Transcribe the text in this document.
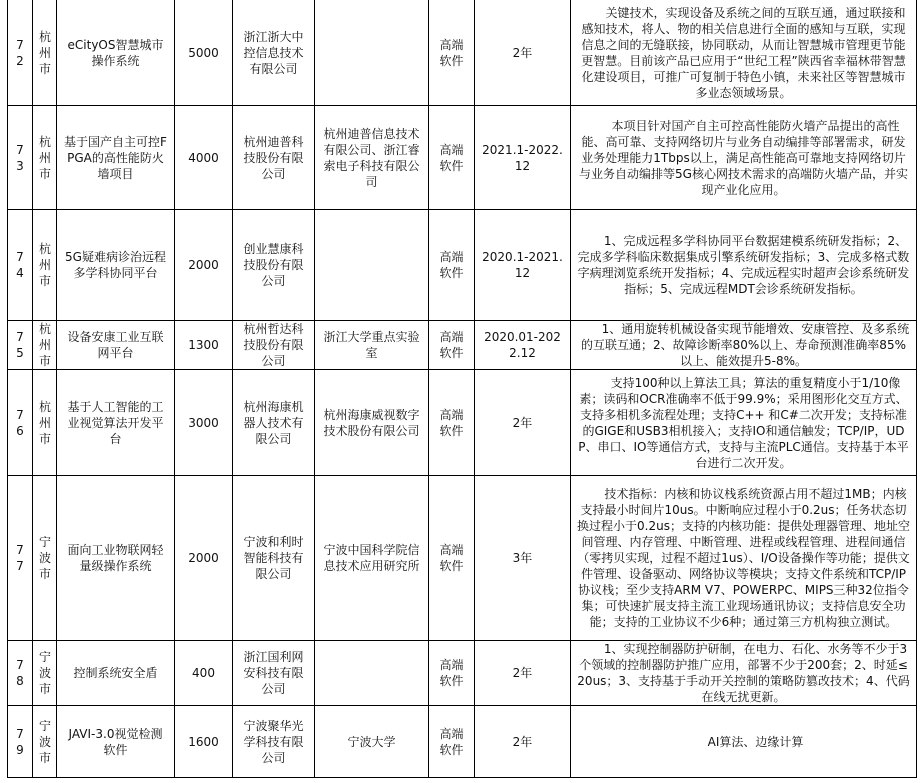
72	杭州市	eCityOS智慧城市操作系统	5000	浙江浙大中控信息技术有限公司		高端软件	2年	关键技术，实现设备及系统之间的互联互通，通过联接和感知技术，将人、物的相关信息进行全面的感知与互联，实现信息之间的无缝联接，协同联动，从而让智慧城市管理更节能更智慧。目前该产品已应用于“世纪工程”陕西省幸福林带智慧化建设项目，可推广可复制于特色小镇，未来社区等智慧城市多业态领域场景。

73	杭州市	基于国产自主可控FPGA的高性能防火墙项目	4000	杭州迪普科技股份有限公司	杭州迪普信息技术有限公司、浙江睿索电子科技有限公司	高端软件	2021.1-2022.12	本项目针对国产自主可控高性能防火墙产品提出的高性能、高可靠、支持网络切片与业务自动编排等部署需求，研发业务处理能力1Tbps以上，满足高性能高可靠地支持网络切片与业务自动编排等5G核心网技术需求的高端防火墙产品，并实现产业化应用。

74	杭州市	5G疑难病诊治远程多学科协同平台	2000	创业慧康科技股份有限公司		高端软件	2020.1-2021.12	1、完成远程多学科协同平台数据建模系统研发指标；2、完成多学科临床数据集成引擎系统研发指标；3、完成多格式数字病理浏览系统开发指标；4、完成远程实时超声会诊系统研发指标；5、完成远程MDT会诊系统研发指标。

75	杭州市	设备安康工业互联网平台	1300	杭州哲达科技股份有限公司	浙江大学重点实验室	高端软件	2020.01-2022.12	1、通用旋转机械设备实现节能增效、安康管控、及多系统的互联互通；2、故障诊断率80%以上、寿命预测准确率85%以上、能效提升5-8%。

76	杭州市	基于人工智能的工业视觉算法开发平台	3000	杭州海康机器人技术有限公司	杭州海康威视数字技术股份有限公司	高端软件	2年	支持100种以上算法工具；算法的重复精度小于1/10像素；读码和OCR准确率不低于99.9%；采用图形化交互方式、支持多相机多流程处理；支持C++ 和C#二次开发；支持标准的GIGE和USB3相机接入；支持IO和通信触发；TCP/IP，UDP、串口、IO等通信方式，支持与主流PLC通信。支持基于本平台进行二次开发。

77	宁波市	面向工业物联网轻量级操作系统	2000	宁波和利时智能科技有限公司	宁波中国科学院信息技术应用研究所	高端软件	3年	技术指标：内核和协议栈系统资源占用不超过1MB；内核支持最小时间片10us。中断响应过程小于0.2us；任务状态切换过程小于0.2us；支持的内核功能：提供处理器管理、地址空间管理、内存管理、中断管理、进程或线程管理、进程间通信（零拷贝实现，过程不超过1us）、I/O设备操作等功能；提供文件管理、设备驱动、网络协议等模块；支持文件系统和TCP/IP协议栈；至少支持ARM V7、POWERPC、MIPS三种32位指令集；可快速扩展支持主流工业现场通讯协议；支持信息安全功能；支持的工业协议不少6种；通过第三方机构独立测试。

78	宁波市	控制系统安全盾	400	浙江国利网安科技有限公司		高端软件	2年	1、实现控制器防护研制，在电力、石化、水务等不少于3个领域的控制器防护推广应用，部署不少于200套；2、时延≤20us；3、支持基于手动开关控制的策略防篡改技术；4、代码在线无扰更新。

79	宁波市	JAVI-3.0视觉检测软件	1600	宁波聚华光学科技有限公司	宁波大学	高端软件	2年	AI算法、边缘计算
